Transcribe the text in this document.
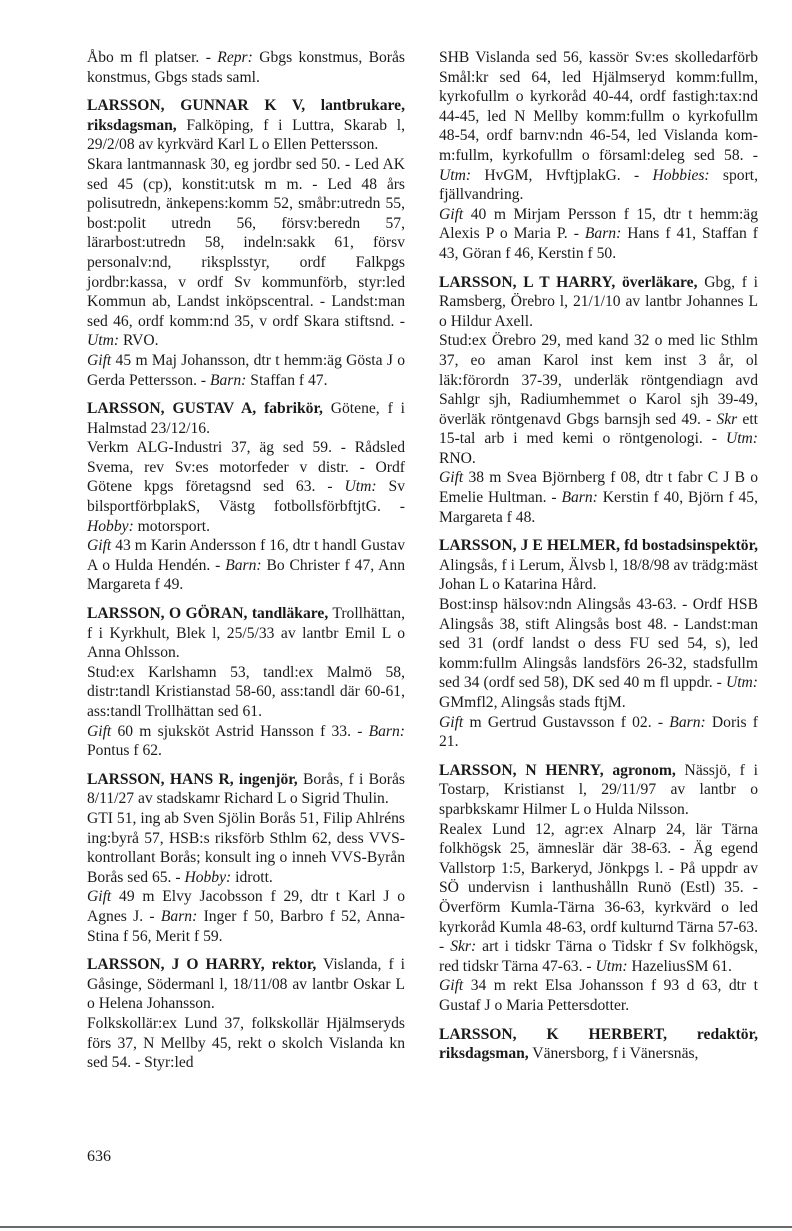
Åbo m fl platser. - Repr: Gbgs konstmus, Borås konstmus, Gbgs stads saml.

LARSSON, GUNNAR K V, lantbrukare, riksdagsman, Falköping, f i Luttra, Skarab l, 29/2/08 av kyrkvärd Karl L o Ellen Pettersson.

Skara lantmannask 30, eg jordbr sed 50. - Led AK sed 45 (cp), konstit:utsk m m. - Led 48 års polisutredn, änkepens:komm 52, småbr:utredn 55, bost:polit utredn 56, försv:beredn 57, lärarbost:utredn 58, indeln:sakk 61, försv personalv:nd, riksplsstyr, ordf Falkpgs jordbr:kassa, v ordf Sv kommunförb, styr:led Kommun ab, Landst inköpscentral. - Landst:man sed 46, ordf komm:nd 35, v ordf Skara stiftsnd. - Utm: RVO.

Gift 45 m Maj Johansson, dtr t hemm:äg Gösta J o Gerda Pettersson. - Barn: Staffan f 47.

LARSSON, GUSTAV A, fabrikör, Götene, f i Halmstad 23/12/16.

Verkm ALG-Industri 37, äg sed 59. - Rådsled Svema, rev Sv:es motorfeder v distr. - Ordf Götene kpgs företagsnd sed 63. - Utm: Sv bilsportförbplakS, Västg fotbollsförbftjtG. - Hobby: motorsport.

Gift 43 m Karin Andersson f 16, dtr t handl Gustav A o Hulda Hendén. - Barn: Bo Christer f 47, Ann Margareta f 49.

LARSSON, O GÖRAN, tandläkare, Trollhättan, f i Kyrkhult, Blek l, 25/5/33 av lantbr Emil L o Anna Ohlsson.

Stud:ex Karlshamn 53, tandl:ex Malmö 58, distr:tandl Kristianstad 58-60, ass:tandl där 60-61, ass:tandl Trollhättan sed 61.

Gift 60 m sjuksköt Astrid Hansson f 33. - Barn: Pontus f 62.

LARSSON, HANS R, ingenjör, Borås, f i Borås 8/11/27 av stadskamr Richard L o Sigrid Thulin.

GTI 51, ing ab Sven Sjölin Borås 51, Filip Ahlréns ing:byrå 57, HSB:s riksförb Sthlm 62, dess VVS-kontrollant Borås; konsult ing o inneh VVS-Byrån Borås sed 65. - Hobby: idrott.

Gift 49 m Elvy Jacobsson f 29, dtr t Karl J o Agnes J. - Barn: Inger f 50, Barbro f 52, Anna-Stina f 56, Merit f 59.

LARSSON, J O HARRY, rektor, Vislanda, f i Gåsinge, Södermanl l, 18/11/08 av lantbr Oskar L o Helena Johansson.

Folkskollär:ex Lund 37, folkskollär Hjälmseryds förs 37, N Mellby 45, rekt o skolch Vislanda kn sed 54. - Styr:led

SHB Vislanda sed 56, kassör Sv:es skolledarförb Smål:kr sed 64, led Hjälmseryd komm:fullm, kyrkofullm o kyrkoråd 40-44, ordf fastigh:tax:nd 44-45, led N Mellby komm:fullm o kyrkofullm 48-54, ordf barnv:ndn 46-54, led Vislanda kom-m:fullm, kyrkofullm o församl:deleg sed 58. - Utm: HvGM, HvftjplakG. - Hobbies: sport, fjällvandring.

Gift 40 m Mirjam Persson f 15, dtr t hemm:äg Alexis P o Maria P. - Barn: Hans f 41, Staffan f 43, Göran f 46, Kerstin f 50.

LARSSON, L T HARRY, överläkare, Gbg, f i Ramsberg, Örebro l, 21/1/10 av lantbr Johannes L o Hildur Axell.

Stud:ex Örebro 29, med kand 32 o med lic Sthlm 37, eo aman Karol inst kem inst 3 år, ol läk:förordn 37-39, underläk röntgendiagn avd Sahlgr sjh, Radiumhemmet o Karol sjh 39-49, överläk röntgenavd Gbgs barnsjh sed 49. - Skr ett 15-tal arb i med kemi o röntgenologi. - Utm: RNO.

Gift 38 m Svea Björnberg f 08, dtr t fabr C J B o Emelie Hultman. - Barn: Kerstin f 40, Björn f 45, Margareta f 48.

LARSSON, J E HELMER, fd bostadsinspektör, Alingsås, f i Lerum, Älvsb l, 18/8/98 av trädg:mäst Johan L o Katarina Hård.

Bost:insp hälsov:ndn Alingsås 43-63. - Ordf HSB Alingsås 38, stift Alingsås bost 48. - Landst:man sed 31 (ordf landst o dess FU sed 54, s), led komm:fullm Alingsås landsförs 26-32, stadsfullm sed 34 (ordf sed 58), DK sed 40 m fl uppdr. - Utm: GMmfl2, Alingsås stads ftjM.

Gift m Gertrud Gustavsson f 02. - Barn: Doris f 21.

LARSSON, N HENRY, agronom, Nässjö, f i Tostarp, Kristianst l, 29/11/97 av lantbr o sparbkskamr Hilmer L o Hulda Nilsson.

Realex Lund 12, agr:ex Alnarp 24, lär Tärna folkhögsk 25, ämneslär där 38-63. - Äg egend Vallstorp 1:5, Barkeryd, Jönkpgs l. - På uppdr av SÖ undervisn i lanthushålln Runö (Estl) 35. - Överförm Kumla-Tärna 36-63, kyrkvärd o led kyrkoråd Kumla 48-63, ordf kulturnd Tärna 57-63. - Skr: art i tidskr Tärna o Tidskr f Sv folkhögsk, red tidskr Tärna 47-63. - Utm: HazeliusSM 61.

Gift 34 m rekt Elsa Johansson f 93 d 63, dtr t Gustaf J o Maria Pettersdotter.

LARSSON, K HERBERT, redaktör, riksdagsman, Vänersborg, f i Vänersnäs,

636
